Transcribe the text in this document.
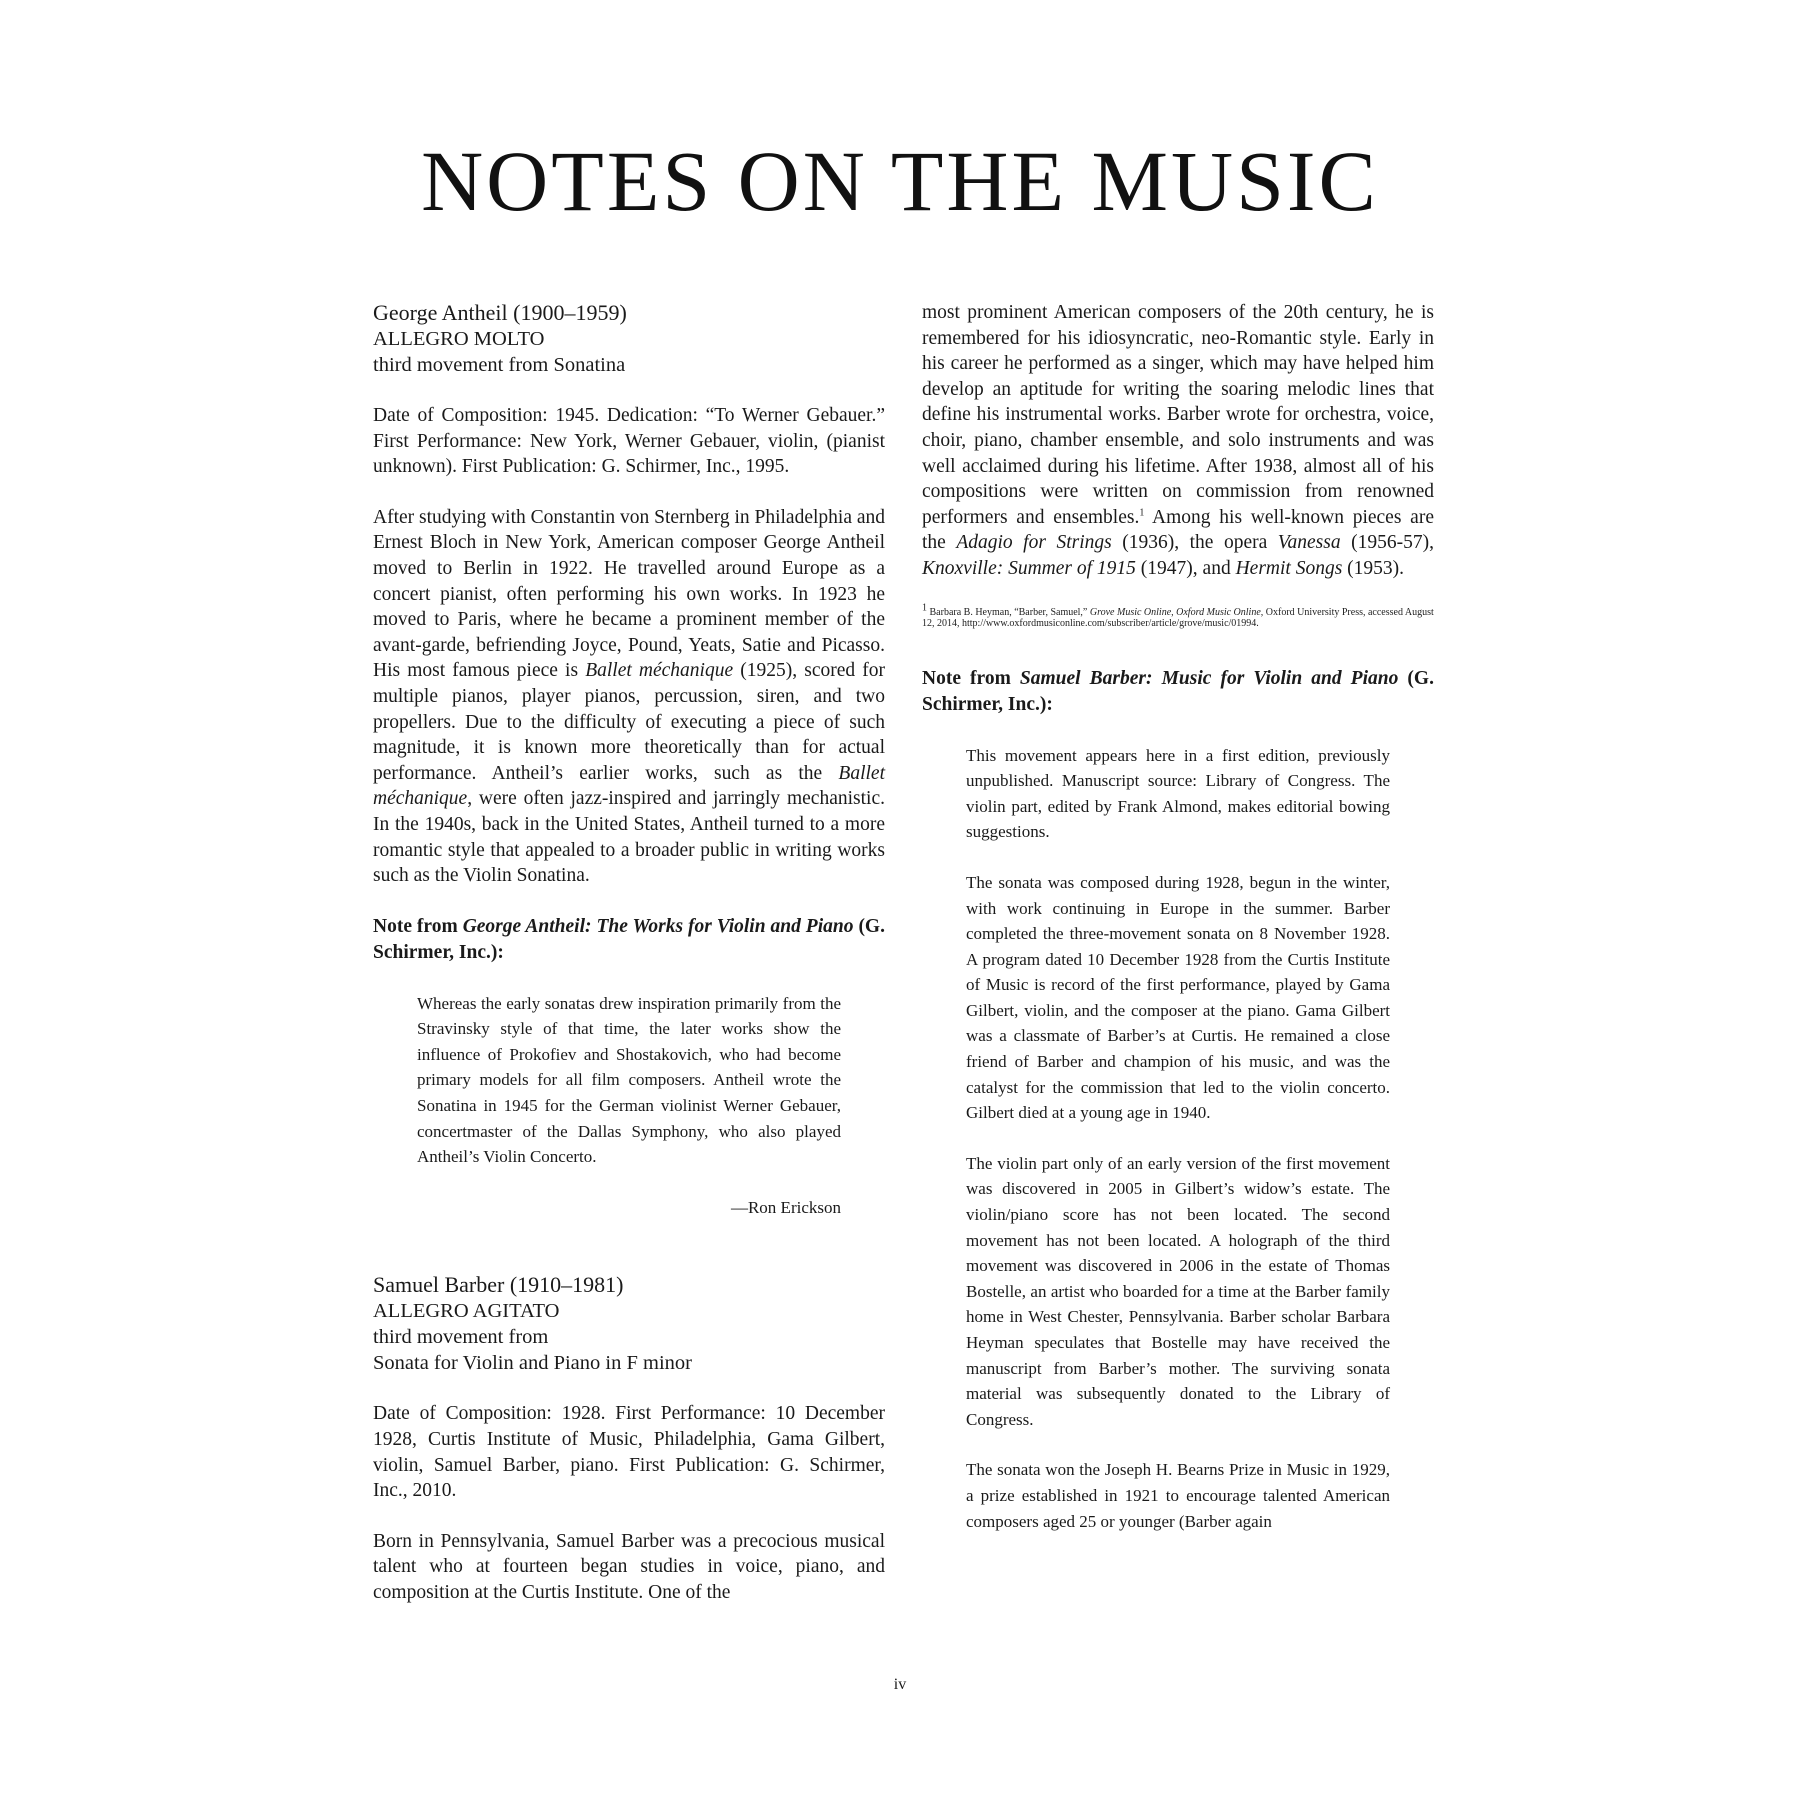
NOTES ON THE MUSIC
George Antheil (1900–1959)
ALLEGRO MOLTO
third movement from Sonatina

Date of Composition: 1945. Dedication: “To Werner Gebauer.” First Performance: New York, Werner Gebauer, violin, (pianist unknown). First Publication: G. Schirmer, Inc., 1995.

After studying with Constantin von Sternberg in Philadelphia and Ernest Bloch in New York, American composer George Antheil moved to Berlin in 1922. He travelled around Europe as a concert pianist, often performing his own works. In 1923 he moved to Paris, where he became a prominent member of the avant-garde, befriending Joyce, Pound, Yeats, Satie and Picasso. His most famous piece is Ballet méchanique (1925), scored for multiple pianos, player pianos, percussion, siren, and two propellers. Due to the difficulty of executing a piece of such magnitude, it is known more theoretically than for actual performance. Antheil’s earlier works, such as the Ballet méchanique, were often jazz-inspired and jarringly mechanistic. In the 1940s, back in the United States, Antheil turned to a more romantic style that appealed to a broader public in writing works such as the Violin Sonatina.

Note from George Antheil: The Works for Violin and Piano (G. Schirmer, Inc.):

Whereas the early sonatas drew inspiration primarily from the Stravinsky style of that time, the later works show the influence of Prokofiev and Shostakovich, who had become primary models for all film composers. Antheil wrote the Sonatina in 1945 for the German violinist Werner Gebauer, concertmaster of the Dallas Symphony, who also played Antheil’s Violin Concerto.

—Ron Erickson

Samuel Barber (1910–1981)
ALLEGRO AGITATO
third movement from
Sonata for Violin and Piano in F minor

Date of Composition: 1928. First Performance: 10 December 1928, Curtis Institute of Music, Philadelphia, Gama Gilbert, violin, Samuel Barber, piano. First Publication: G. Schirmer, Inc., 2010.

Born in Pennsylvania, Samuel Barber was a precocious musical talent who at fourteen began studies in voice, piano, and composition at the Curtis Institute. One of the

most prominent American composers of the 20th century, he is remembered for his idiosyncratic, neo-Romantic style. Early in his career he performed as a singer, which may have helped him develop an aptitude for writing the soaring melodic lines that define his instrumental works. Barber wrote for orchestra, voice, choir, piano, chamber ensemble, and solo instruments and was well acclaimed during his lifetime. After 1938, almost all of his compositions were written on commission from renowned performers and ensembles.$^1$ Among his well-known pieces are the Adagio for Strings (1936), the opera Vanessa (1956-57), Knoxville: Summer of 1915 (1947), and Hermit Songs (1953).

$^1$ Barbara B. Heyman, “Barber, Samuel,” Grove Music Online, Oxford Music Online, Oxford University Press, accessed August 12, 2014, http://www.oxfordmusiconline.com/subscriber/article/grove/music/01994.

Note from Samuel Barber: Music for Violin and Piano (G. Schirmer, Inc.):

This movement appears here in a first edition, previously unpublished. Manuscript source: Library of Congress. The violin part, edited by Frank Almond, makes editorial bowing suggestions.

The sonata was composed during 1928, begun in the winter, with work continuing in Europe in the summer. Barber completed the three-movement sonata on 8 November 1928. A program dated 10 December 1928 from the Curtis Institute of Music is record of the first performance, played by Gama Gilbert, violin, and the composer at the piano. Gama Gilbert was a classmate of Barber’s at Curtis. He remained a close friend of Barber and champion of his music, and was the catalyst for the commission that led to the violin concerto. Gilbert died at a young age in 1940.

The violin part only of an early version of the first movement was discovered in 2005 in Gilbert’s widow’s estate. The violin/piano score has not been located. The second movement has not been located. A holograph of the third movement was discovered in 2006 in the estate of Thomas Bostelle, an artist who boarded for a time at the Barber family home in West Chester, Pennsylvania. Barber scholar Barbara Heyman speculates that Bostelle may have received the manuscript from Barber’s mother. The surviving sonata material was subsequently donated to the Library of Congress.

The sonata won the Joseph H. Bearns Prize in Music in 1929, a prize established in 1921 to encourage talented American composers aged 25 or younger (Barber again

iv
